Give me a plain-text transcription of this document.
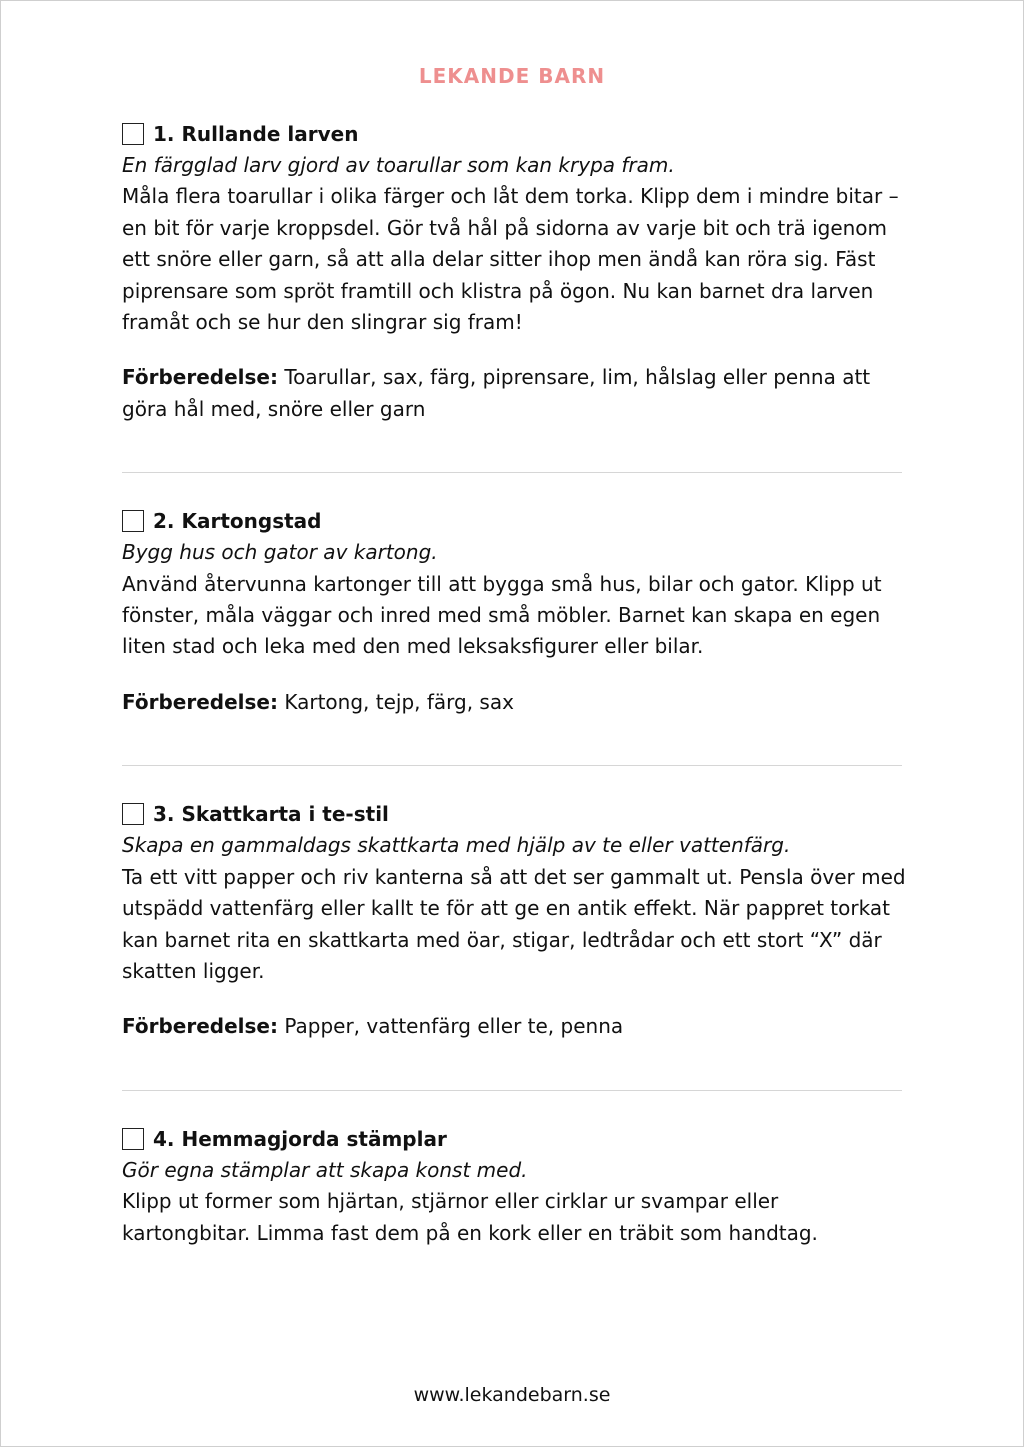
LEKANDE BARN
1. Rullande larven
En färgglad larv gjord av toarullar som kan krypa fram.
Måla flera toarullar i olika färger och låt dem torka. Klipp dem i mindre bitar – en bit för varje kroppsdel. Gör två hål på sidorna av varje bit och trä igenom ett snöre eller garn, så att alla delar sitter ihop men ändå kan röra sig. Fäst piprensare som spröt framtill och klistra på ögon. Nu kan barnet dra larven framåt och se hur den slingrar sig fram!
Förberedelse: Toarullar, sax, färg, piprensare, lim, hålslag eller penna att göra hål med, snöre eller garn
2. Kartongstad
Bygg hus och gator av kartong.
Använd återvunna kartonger till att bygga små hus, bilar och gator. Klipp ut fönster, måla väggar och inred med små möbler. Barnet kan skapa en egen liten stad och leka med den med leksaksfigurer eller bilar.
Förberedelse: Kartong, tejp, färg, sax
3. Skattkarta i te-stil
Skapa en gammaldags skattkarta med hjälp av te eller vattenfärg.
Ta ett vitt papper och riv kanterna så att det ser gammalt ut. Pensla över med utspädd vattenfärg eller kallt te för att ge en antik effekt. När pappret torkat kan barnet rita en skattkarta med öar, stigar, ledtrådar och ett stort “X” där skatten ligger.
Förberedelse: Papper, vattenfärg eller te, penna
4. Hemmagjorda stämplar
Gör egna stämplar att skapa konst med.
Klipp ut former som hjärtan, stjärnor eller cirklar ur svampar eller kartongbitar. Limma fast dem på en kork eller en träbit som handtag.
www.lekandebarn.se
